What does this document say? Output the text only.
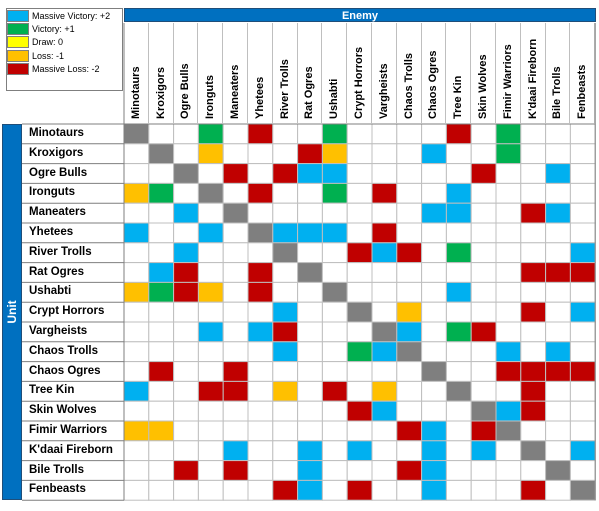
Massive Victory: +2
Victory: +1
Draw: 0
Loss: -1
Massive Loss: -2
Enemy
Unit
Minotaurs Kroxigors Ogre Bulls Ironguts Maneaters Yhetees River Trolls Rat Ogres Ushabti Crypt Horrors Vargheists Chaos Trolls Chaos Ogres Tree Kin Skin Wolves Fimir Warriors K'daai Fireborn Bile Trolls Fenbeasts
Minotaurs
Kroxigors
Ogre Bulls
Ironguts
Maneaters
Yhetees
River Trolls
Rat Ogres
Ushabti
Crypt Horrors
Vargheists
Chaos Trolls
Chaos Ogres
Tree Kin
Skin Wolves
Fimir Warriors
K'daai Fireborn
Bile Trolls
Fenbeasts
